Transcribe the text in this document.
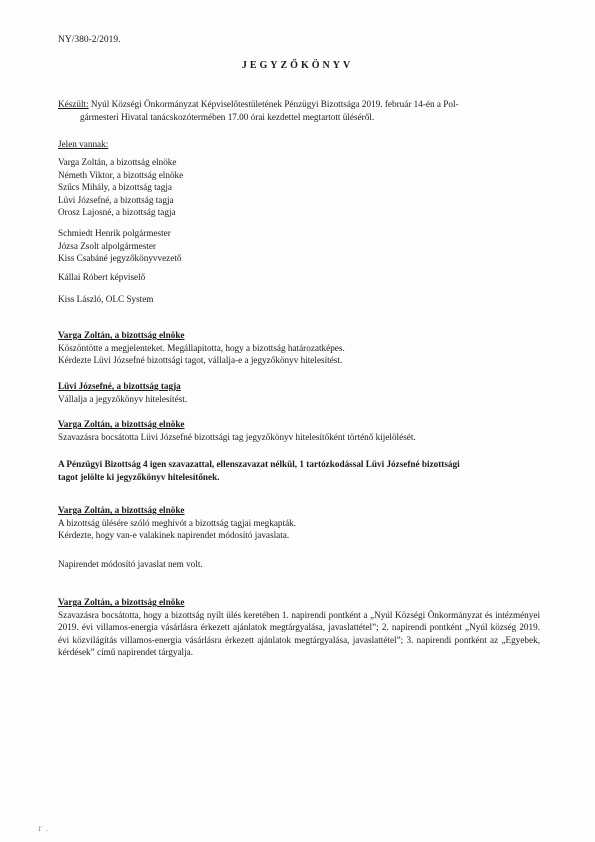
NY/380-2/2019.
JEGYZŐKÖNYV
Készült: Nyúl Községi Önkormányzat Képviselőtestületének Pénzügyi Bizottsága 2019. február 14-én a Pol-
gármesteri Hivatal tanácskozótermében 17.00 órai kezdettel megtartott üléséről.
Jelen vannak:
Varga Zoltán, a bizottság elnöke
Németh Viktor, a bizottság elnöke
Szűcs Mihály, a bizottság tagja
Lüvi Józsefné, a bizottság tagja
Orosz Lajosné, a bizottság tagja
Schmiedt Henrik polgármester
Józsa Zsolt alpolgármester
Kiss Csabáné jegyzőkönyvvezető
Kállai Róbert képviselő
Kiss László, OLC System
Varga Zoltán, a bizottság elnöke
Köszöntötte a megjelenteket. Megállapította, hogy a bizottság határozatképes.
Kérdezte Lüvi Józsefné bizottsági tagot, vállalja-e a jegyzőkönyv hitelesítést.
Lüvi Józsefné, a bizottság tagja
Vállalja a jegyzőkönyv hitelesítést.
Varga Zoltán, a bizottság elnöke
Szavazásra bocsátotta Lüvi Józsefné bizottsági tag jegyzőkönyv hitelesítőként történő kijelölését.
A Pénzügyi Bizottság 4 igen szavazattal, ellenszavazat nélkül, 1 tartózkodással Lüvi Józsefné bizottsági
tagot jelölte ki jegyzőkönyv hitelesítőnek.
Varga Zoltán, a bizottság elnöke
A bizottság ülésére szóló meghívót a bizottság tagjai megkapták.
Kérdezte, hogy van-e valakinek napirendet módosító javaslata.
Napirendet módosító javaslat nem volt.
Varga Zoltán, a bizottság elnöke
Szavazásra bocsátotta, hogy a bizottság nyílt ülés keretében 1. napirendi pontként a „Nyúl Községi Önkormányzat és intézményei 2019. évi villamos-energia vásárlásra érkezett ajánlatok megtárgyalása, javaslattétel”; 2. napirendi pontként „Nyúl község 2019. évi közvilágítás villamos-energia vásárlásra érkezett ajánlatok megtárgyalása, javaslattétel”; 3. napirendi pontként az „Egyebek, kérdések” című napirendet tárgyalja.
ｒ .
